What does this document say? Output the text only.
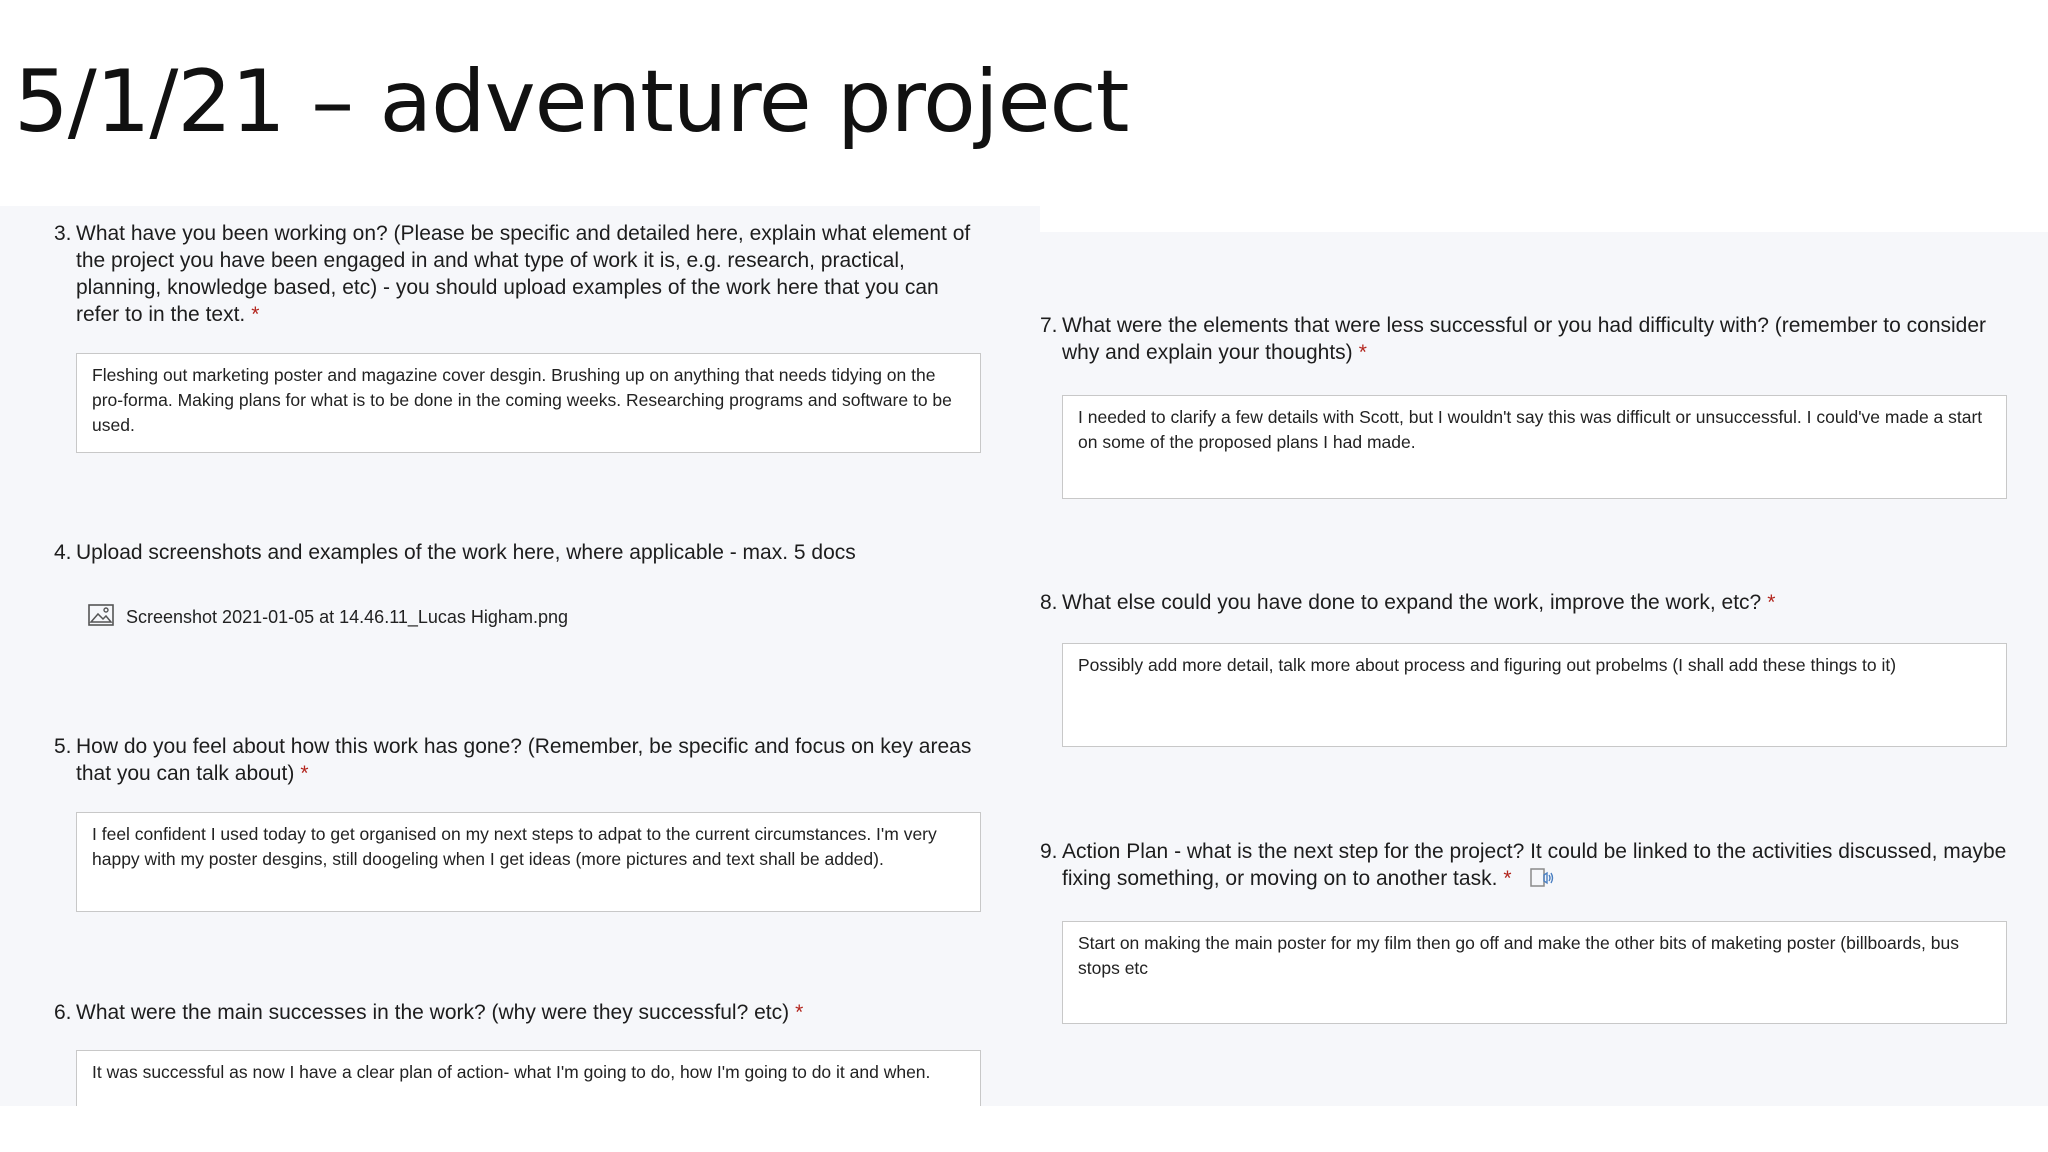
5/1/21 – adventure project
3. What have you been working on? (Please be specific and detailed here, explain what element of the project you have been engaged in and what type of work it is, e.g. research, practical, planning, knowledge based, etc) - you should upload examples of the work here that you can refer to in the text. *
Fleshing out marketing poster and magazine cover desgin. Brushing up on anything that needs tidying on the pro-forma. Making plans for what is to be done in the coming weeks. Researching programs and software to be used.
4. Upload screenshots and examples of the work here, where applicable - max. 5 docs
Screenshot 2021-01-05 at 14.46.11_Lucas Higham.png
5. How do you feel about how this work has gone? (Remember, be specific and focus on key areas that you can talk about) *
I feel confident I used today to get organised on my next steps to adpat to the current circumstances. I'm very happy with my poster desgins, still doogeling when I get ideas (more pictures and text shall be added).
6. What were the main successes in the work? (why were they successful? etc) *
It was successful as now I have a clear plan of action- what I'm going to do, how I'm going to do it and when.
7. What were the elements that were less successful or you had difficulty with? (remember to consider why and explain your thoughts) *
I needed to clarify a few details with Scott, but I wouldn't say this was difficult or unsuccessful. I could've made a start on some of the proposed plans I had made.
8. What else could you have done to expand the work, improve the work, etc? *
Possibly add more detail, talk more about process and figuring out probelms (I shall add these things to it)
9. Action Plan - what is the next step for the project? It could be linked to the activities discussed, maybe fixing something, or moving on to another task. *
Start on making the main poster for my film then go off and make the other bits of maketing poster (billboards, bus stops etc
